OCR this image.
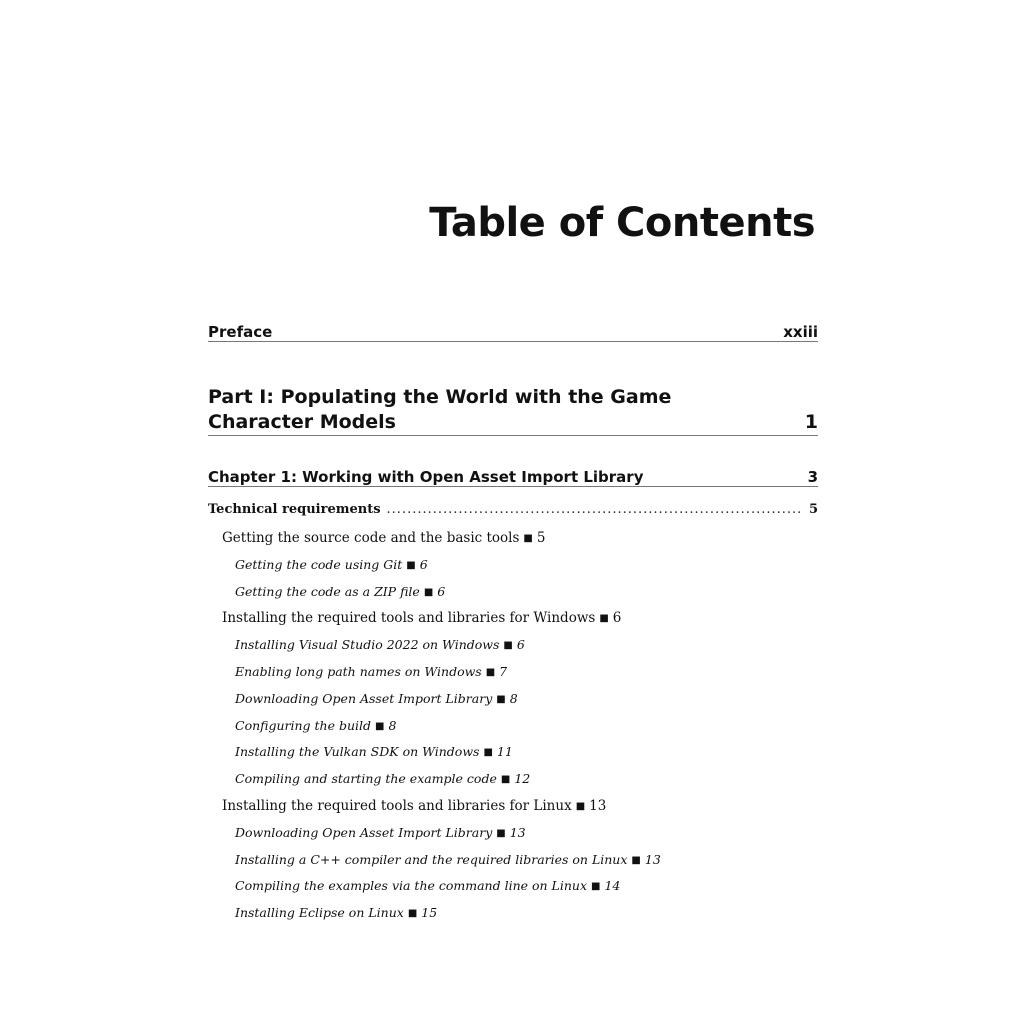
Table of Contents
Preface	xxiii
Part I: Populating the World with the Game
Character Models	1
Chapter 1: Working with Open Asset Import Library	3
Technical requirements .....	5
Getting the source code and the basic tools ■ 5
Getting the code using Git ■ 6
Getting the code as a ZIP file ■ 6
Installing the required tools and libraries for Windows ■ 6
Installing Visual Studio 2022 on Windows ■ 6
Enabling long path names on Windows ■ 7
Downloading Open Asset Import Library ■ 8
Configuring the build ■ 8
Installing the Vulkan SDK on Windows ■ 11
Compiling and starting the example code ■ 12
Installing the required tools and libraries for Linux ■ 13
Downloading Open Asset Import Library ■ 13
Installing a C++ compiler and the required libraries on Linux ■ 13
Compiling the examples via the command line on Linux ■ 14
Installing Eclipse on Linux ■ 15
